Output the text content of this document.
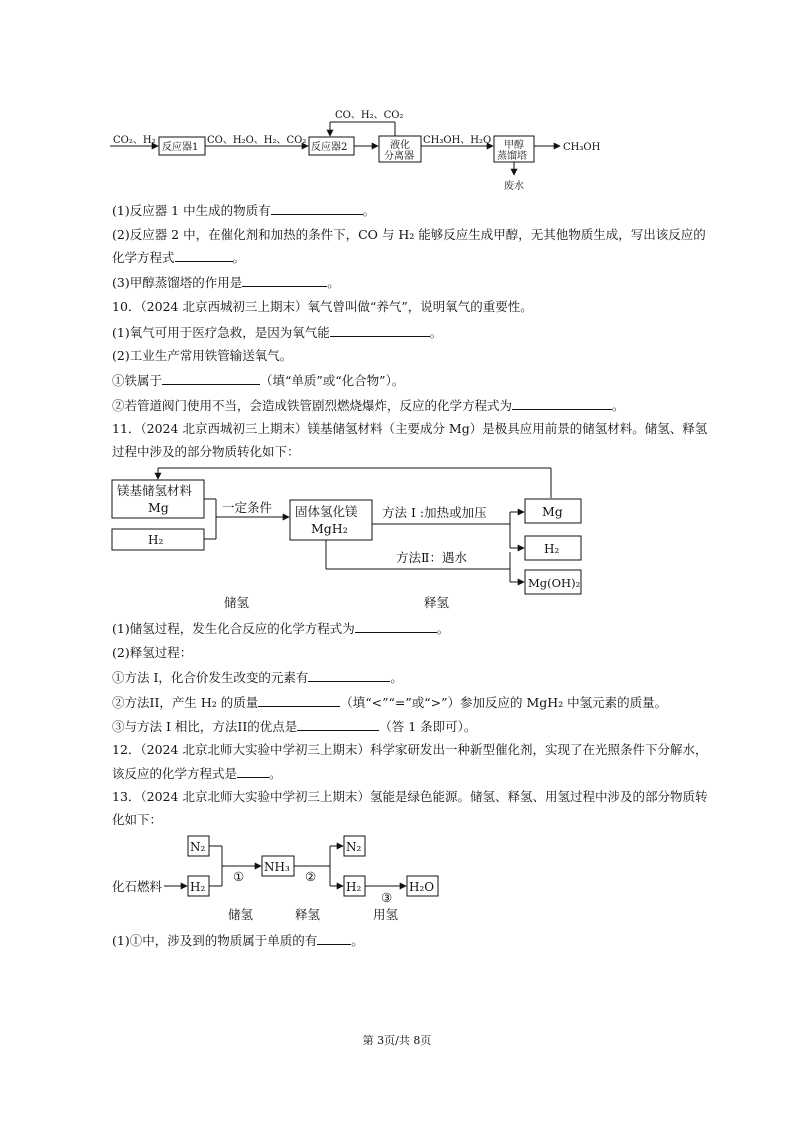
CO、H₂、CO₂
CO₂、H₂
反应器1
CO、H₂O、H₂、CO₂
反应器2	液化
分离器
CH₃OH、H₂O 甲醇
蒸馏塔
CH₃OH
废水
(1)反应器 1 中生成的物质有	。
(2)反应器 2 中，在催化剂和加热的条件下，CO 与 H₂ 能够反应生成甲醇，无其他物质生成，写出该反应的
化学方程式	。
(3)甲醇蒸馏塔的作用是	。
10．（2024 北京西城初三上期末）氧气曾叫做“养气”，说明氧气的重要性。
(1)氧气可用于医疗急救，是因为氧气能	。
(2)工业生产常用铁管输送氧气。
①铁属于	（填“单质”或“化合物”）。
②若管道阀门使用不当，会造成铁管剧烈燃烧爆炸，反应的化学方程式为	。
11．（2024 北京西城初三上期末）镁基储氢材料（主要成分 Mg）是极具应用前景的储氢材料。储氢、释氢
过程中涉及的部分物质转化如下：
镁基储氢材料
Mg
H₂
一定条件 固体氢化镁
MgH₂
方法 I :加热或加压
方法Ⅱ：遇水
Mg
H₂
Mg(OH)₂
储氢	释氢
(1)储氢过程，发生化合反应的化学方程式为	。
(2)释氢过程：
①方法 I，化合价发生改变的元素有	。
②方法II，产生 H₂ 的质量	（填“<”“=”或“>”）参加反应的 MgH₂ 中氢元素的质量。
③与方法 I 相比，方法II的优点是	（答 1 条即可）。
12．（2024 北京北师大实验中学初三上期末）科学家研发出一种新型催化剂，实现了在光照条件下分解水，
该反应的化学方程式是	。
13．（2024 北京北师大实验中学初三上期末）氢能是绿色能源。储氢、释氢、用氢过程中涉及的部分物质转
化如下：
N₂
化石燃料 H₂
①
NH₃
②
N₂
H₂
③
H₂O
储氢	释氢	用氢
(1)①中，涉及到的物质属于单质的有	。
第 3页/共 8页
